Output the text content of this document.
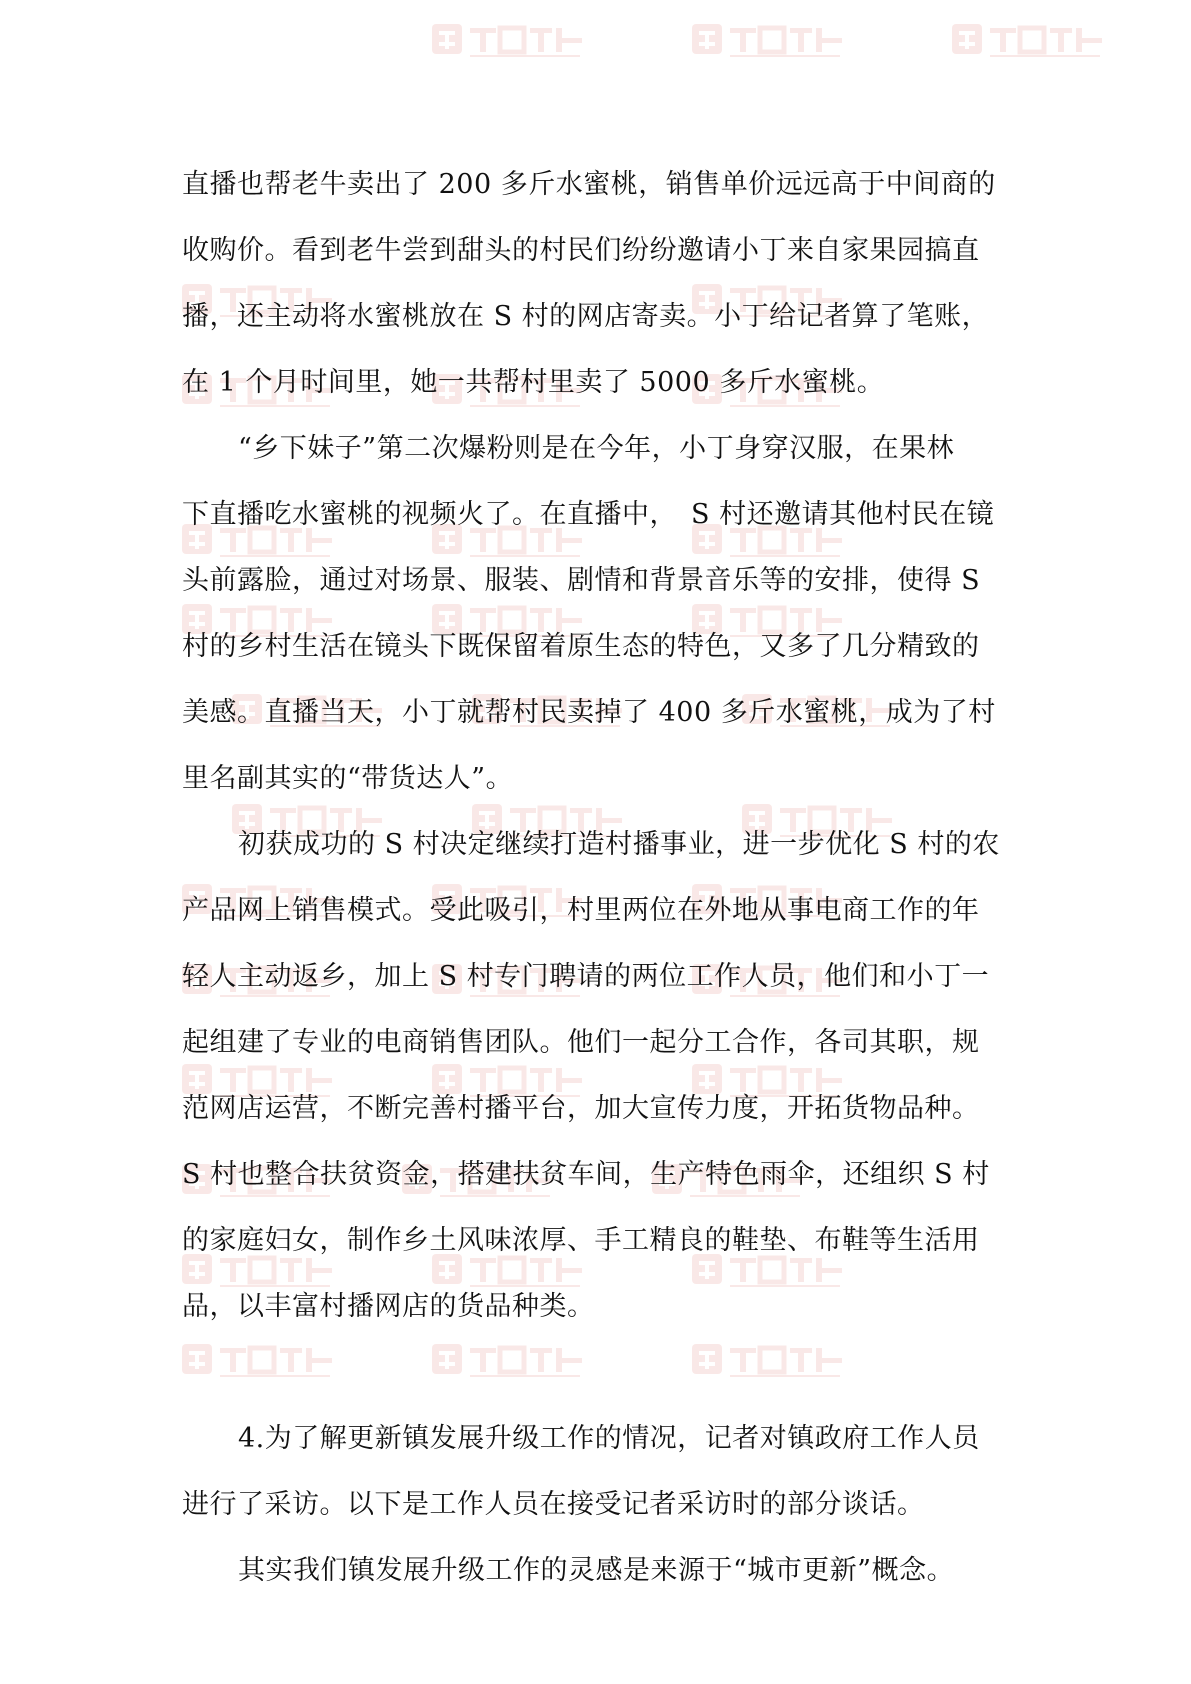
直播也帮老牛卖出了 200 多斤水蜜桃，销售单价远远高于中间商的
收购价。看到老牛尝到甜头的村民们纷纷邀请小丁来自家果园搞直
播，还主动将水蜜桃放在 S 村的网店寄卖。小丁给记者算了笔账，
在 1 个月时间里，她一共帮村里卖了 5000 多斤水蜜桃。
“乡下妹子”第二次爆粉则是在今年，小丁身穿汉服，在果林
下直播吃水蜜桃的视频火了。在直播中，　S 村还邀请其他村民在镜
头前露脸，通过对场景、服装、剧情和背景音乐等的安排，使得 S
村的乡村生活在镜头下既保留着原生态的特色，又多了几分精致的
美感。直播当天，小丁就帮村民卖掉了 400 多斤水蜜桃，成为了村
里名副其实的“带货达人”。
初获成功的 S 村决定继续打造村播事业，进一步优化 S 村的农
产品网上销售模式。受此吸引，村里两位在外地从事电商工作的年
轻人主动返乡，加上 S 村专门聘请的两位工作人员，他们和小丁一
起组建了专业的电商销售团队。他们一起分工合作，各司其职，规
范网店运营，不断完善村播平台，加大宣传力度，开拓货物品种。
S 村也整合扶贫资金，搭建扶贫车间，生产特色雨伞，还组织 S 村
的家庭妇女，制作乡土风味浓厚、手工精良的鞋垫、布鞋等生活用
品，以丰富村播网店的货品种类。
4.为了解更新镇发展升级工作的情况，记者对镇政府工作人员
进行了采访。以下是工作人员在接受记者采访时的部分谈话。
其实我们镇发展升级工作的灵感是来源于“城市更新”概念。
